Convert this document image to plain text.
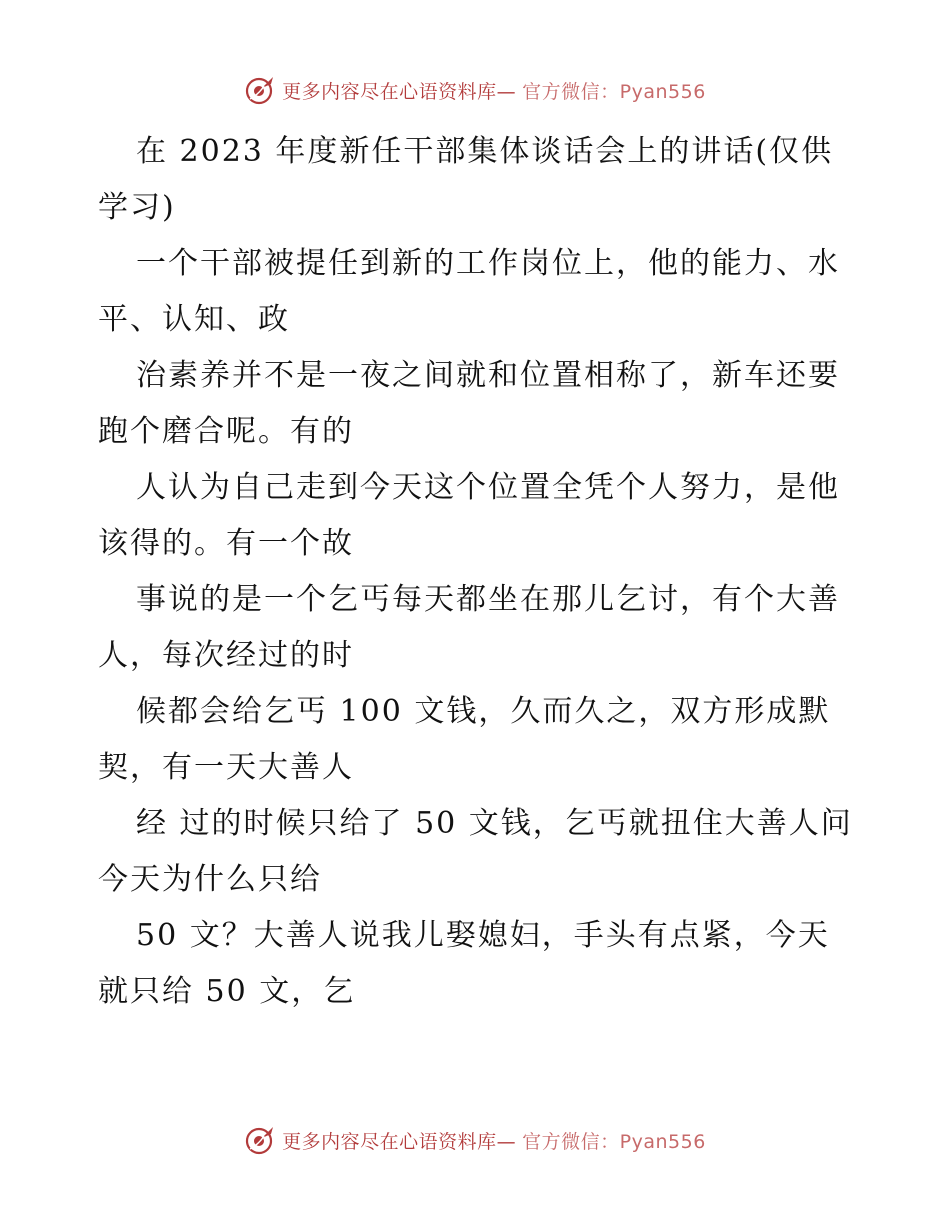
更多内容尽在心语资料库— 官方微信：Pyan556

在 2023 年度新任干部集体谈话会上的讲话(仅供学习)

一个干部被提任到新的工作岗位上，他的能力、水平、认知、政

治素养并不是一夜之间就和位置相称了，新车还要跑个磨合呢。有的

人认为自己走到今天这个位置全凭个人努力，是他该得的。有一个故

事说的是一个乞丐每天都坐在那儿乞讨，有个大善人，每次经过的时

候都会给乞丐 100 文钱，久而久之，双方形成默契，有一天大善人

经 过的时候只给了 50 文钱，乞丐就扭住大善人问今天为什么只给

50 文？大善人说我儿娶媳妇，手头有点紧，今天就只给 50 文，乞

更多内容尽在心语资料库— 官方微信：Pyan556
